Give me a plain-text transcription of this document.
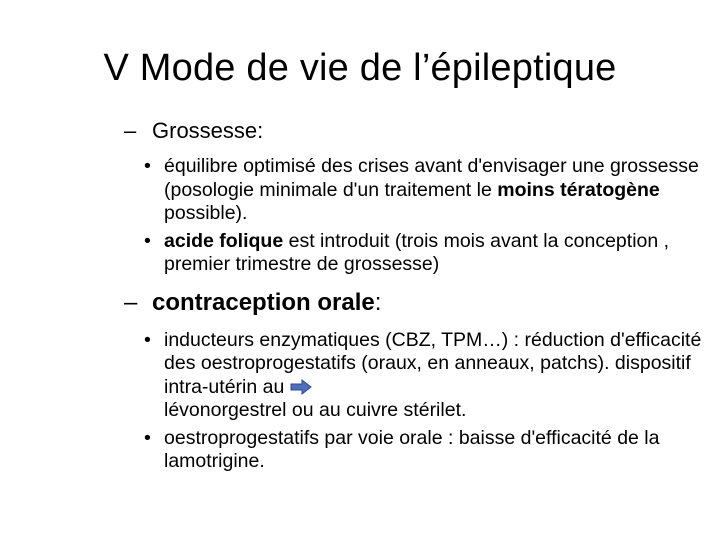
V Mode de vie de l’épileptique
– Grossesse:
• équilibre optimisé des crises avant d'envisager une grossesse (posologie minimale d'un traitement le moins tératogène possible).
• acide folique est introduit (trois mois avant la conception , premier trimestre de grossesse)
– contraception orale:
• inducteurs enzymatiques (CBZ, TPM…) : réduction d'efficacité des oestroprogestatifs (oraux, en anneaux, patchs). dispositif intra-utérin au
lévonorgestrel ou au cuivre stérilet.
• oestroprogestatifs par voie orale : baisse d'efficacité de la lamotrigine.
